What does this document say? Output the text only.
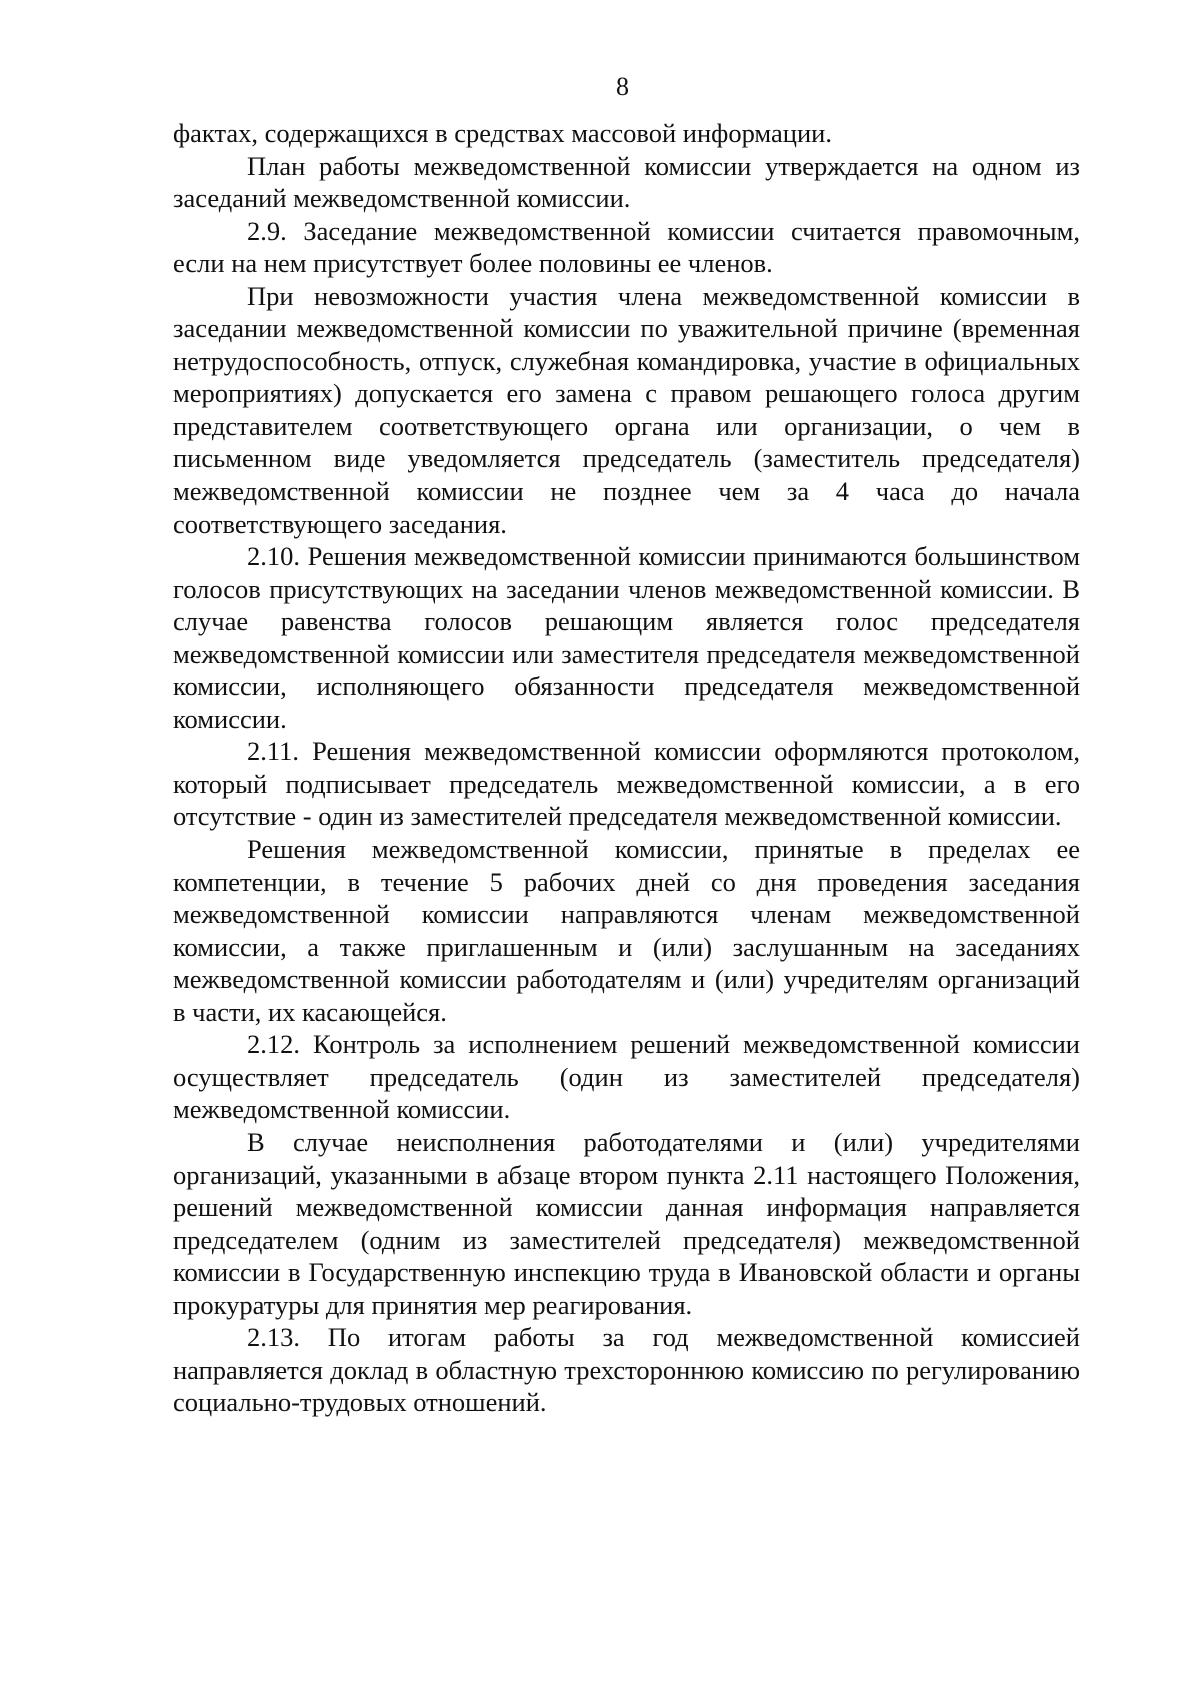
8

фактах, содержащихся в средствах массовой информации.

План работы межведомственной комиссии утверждается на одном из заседаний межведомственной комиссии.

2.9. Заседание межведомственной комиссии считается правомочным, если на нем присутствует более половины ее членов.

При невозможности участия члена межведомственной комиссии в заседании межведомственной комиссии по уважительной причине (временная нетрудоспособность, отпуск, служебная командировка, участие в официальных мероприятиях) допускается его замена с правом решающего голоса другим представителем соответствующего органа или организации, о чем в письменном виде уведомляется председатель (заместитель председателя) межведомственной комиссии не позднее чем за 4 часа до начала соответствующего заседания.

2.10. Решения межведомственной комиссии принимаются большинством голосов присутствующих на заседании членов межведомственной комиссии. В случае равенства голосов решающим является голос председателя межведомственной комиссии или заместителя председателя межведомственной комиссии, исполняющего обязанности председателя межведомственной комиссии.

2.11. Решения межведомственной комиссии оформляются протоколом, который подписывает председатель межведомственной комиссии, а в его отсутствие - один из заместителей председателя межведомственной комиссии.

Решения межведомственной комиссии, принятые в пределах ее компетенции, в течение 5 рабочих дней со дня проведения заседания межведомственной комиссии направляются членам межведомственной комиссии, а также приглашенным и (или) заслушанным на заседаниях межведомственной комиссии работодателям и (или) учредителям организаций в части, их касающейся.

2.12. Контроль за исполнением решений межведомственной комиссии осуществляет председатель (один из заместителей председателя) межведомственной комиссии.

В случае неисполнения работодателями и (или) учредителями организаций, указанными в абзаце втором пункта 2.11 настоящего Положения, решений межведомственной комиссии данная информация направляется председателем (одним из заместителей председателя) межведомственной комиссии в Государственную инспекцию труда в Ивановской области и органы прокуратуры для принятия мер реагирования.

2.13. По итогам работы за год межведомственной комиссией направляется доклад в областную трехстороннюю комиссию по регулированию социально-трудовых отношений.
